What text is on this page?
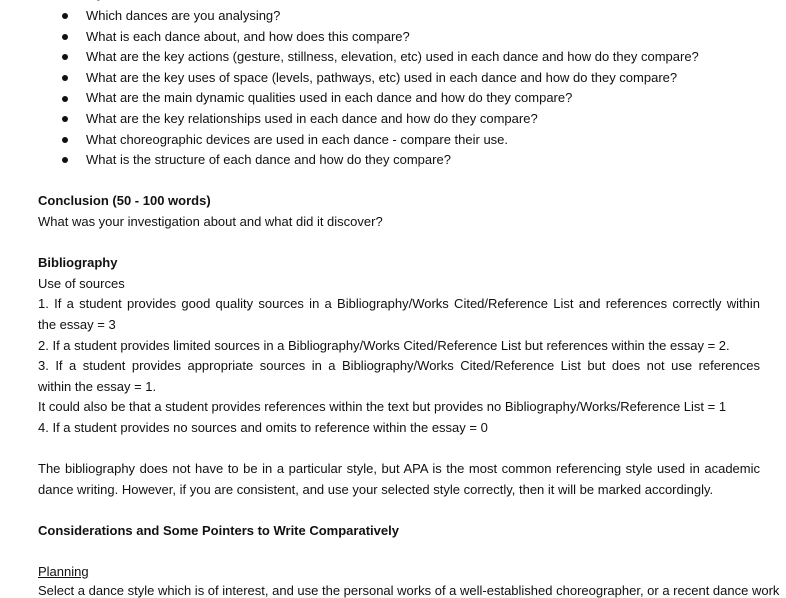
Which dances are you analysing?
What is each dance about, and how does this compare?
What are the key actions (gesture, stillness, elevation, etc) used in each dance and how do they compare?
What are the key uses of space (levels, pathways, etc) used in each dance and how do they compare?
What are the main dynamic qualities used in each dance and how do they compare?
What are the key relationships used in each dance and how do they compare?
What choreographic devices are used in each dance - compare their use.
What is the structure of each dance and how do they compare?
Conclusion (50 - 100 words)
What was your investigation about and what did it discover?
Bibliography
Use of sources
1. If a student provides good quality sources in a Bibliography/Works Cited/Reference List and references correctly within
the essay = 3
2. If a student provides limited sources in a Bibliography/Works Cited/Reference List but references within the essay = 2.
3. If a student provides appropriate sources in a Bibliography/Works Cited/Reference List but does not use references
within the essay = 1.
It could also be that a student provides references within the text but provides no Bibliography/Works/Reference List = 1
4. If a student provides no sources and omits to reference within the essay = 0
The bibliography does not have to be in a particular style, but APA is the most common referencing style used in academic
dance writing. However, if you are consistent, and use your selected style correctly, then it will be marked accordingly.
Considerations and Some Pointers to Write Comparatively
Planning
Select a dance style which is of interest, and use the personal works of a well-established choreographer, or a recent dance work
